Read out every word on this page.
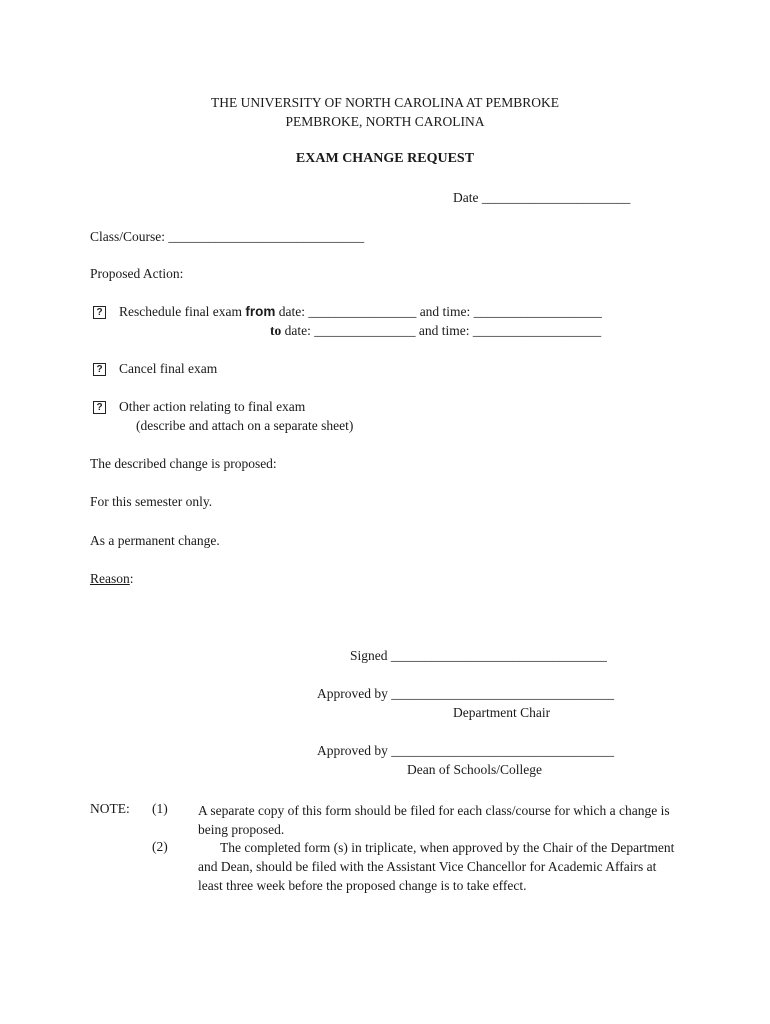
THE UNIVERSITY OF NORTH CAROLINA AT PEMBROKE
PEMBROKE, NORTH CAROLINA
EXAM CHANGE REQUEST
Date ______________________
Class/Course: _____________________________
Proposed Action:
? Reschedule final exam from date: ________________ and time: ___________________
to date: _______________ and time: ___________________
? Cancel final exam
? Other action relating to final exam
(describe and attach on a separate sheet)
The described change is proposed:
For this semester only.
As a permanent change.
Reason:
Signed ________________________________
Approved by _________________________________
Department Chair
Approved by _________________________________
Dean of Schools/College
NOTE: (1) A separate copy of this form should be filed for each class/course for which a change is being proposed.
(2)	The completed form (s) in triplicate, when approved by the Chair of the Department and Dean, should be filed with the Assistant Vice Chancellor for Academic Affairs at least three week before the proposed change is to take effect.
